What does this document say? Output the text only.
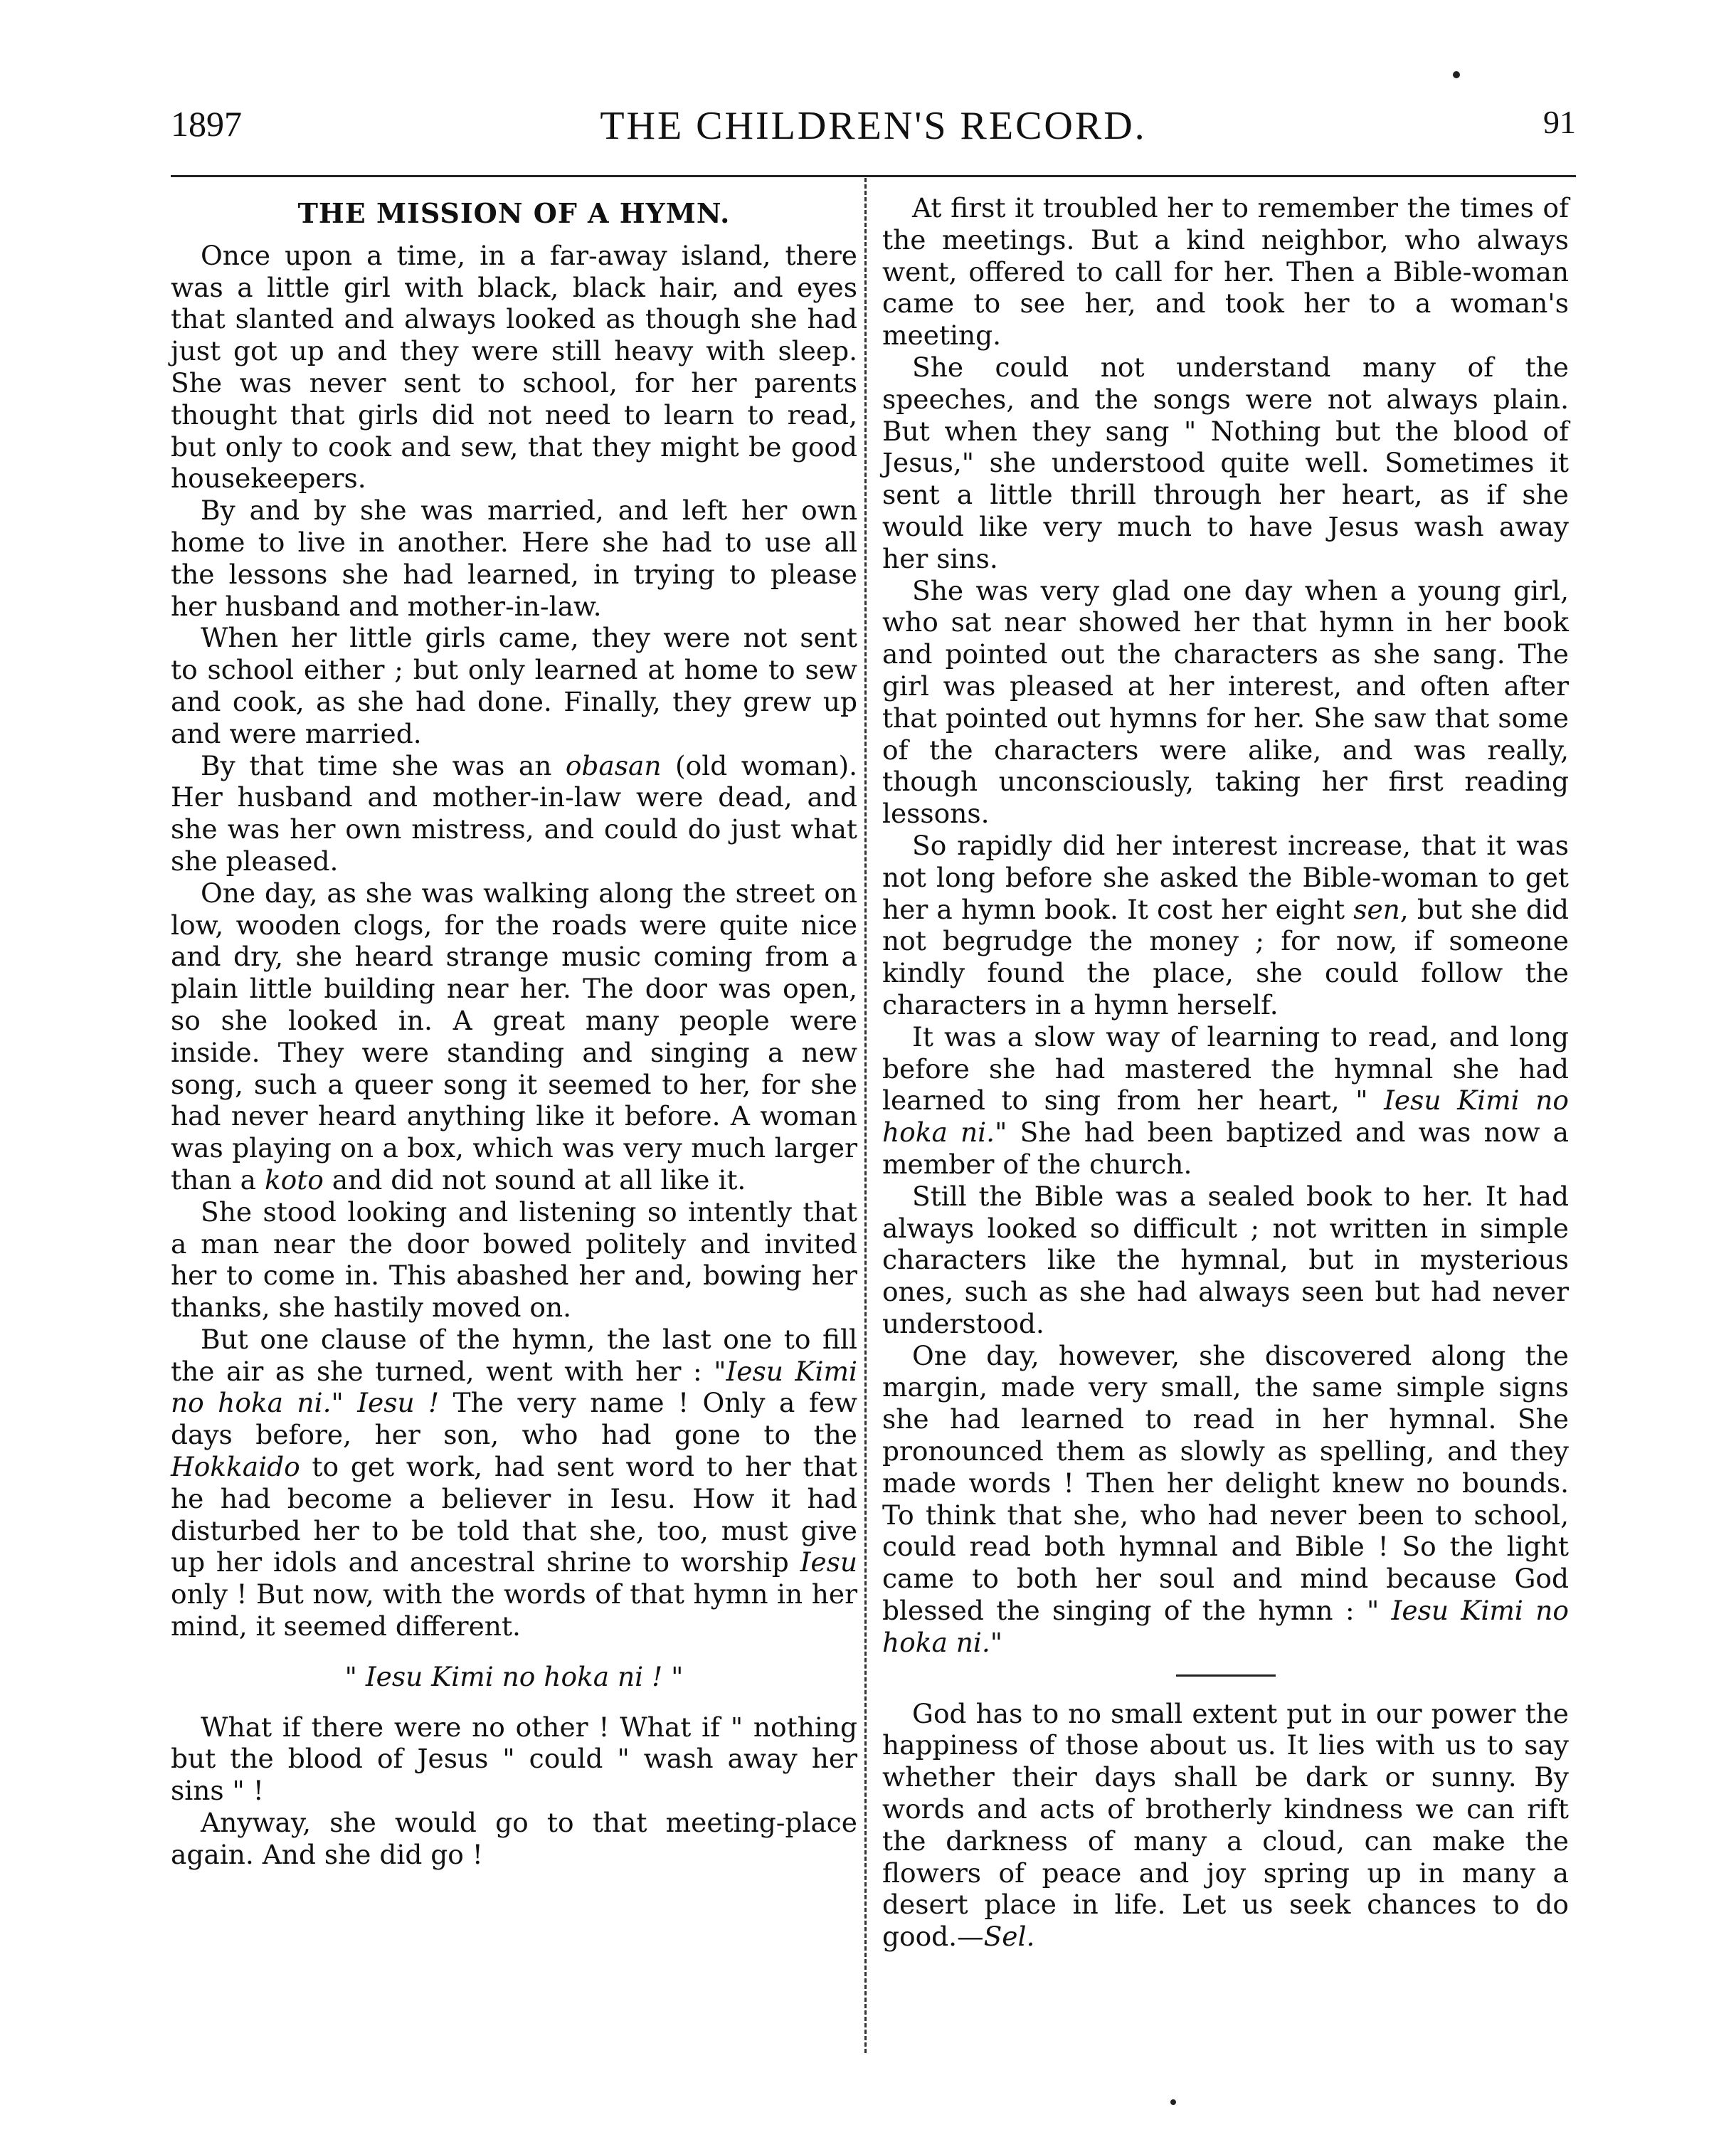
1897	THE CHILDREN'S RECORD.	91
THE MISSION OF A HYMN.

Once upon a time, in a far-away island, there was a little girl with black, black hair, and eyes that slanted and always looked as though she had just got up and they were still heavy with sleep. She was never sent to school, for her parents thought that girls did not need to learn to read, but only to cook and sew, that they might be good housekeepers.

By and by she was married, and left her own home to live in another. Here she had to use all the lessons she had learned, in trying to please her husband and mother-in-law.

When her little girls came, they were not sent to school either ; but only learned at home to sew and cook, as she had done. Finally, they grew up and were married.

By that time she was an obasan (old woman). Her husband and mother-in-law were dead, and she was her own mistress, and could do just what she pleased.

One day, as she was walking along the street on low, wooden clogs, for the roads were quite nice and dry, she heard strange music coming from a plain little building near her. The door was open, so she looked in. A great many people were inside. They were standing and singing a new song, such a queer song it seemed to her, for she had never heard anything like it before. A woman was playing on a box, which was very much larger than a koto and did not sound at all like it.

She stood looking and listening so intently that a man near the door bowed politely and invited her to come in. This abashed her and, bowing her thanks, she hastily moved on.

But one clause of the hymn, the last one to fill the air as she turned, went with her : "Iesu Kimi no hoka ni." Iesu ! The very name ! Only a few days before, her son, who had gone to the Hokkaido to get work, had sent word to her that he had become a believer in Iesu. How it had disturbed her to be told that she, too, must give up her idols and ancestral shrine to worship Iesu only ! But now, with the words of that hymn in her mind, it seemed different.

" Iesu Kimi no hoka ni ! "

What if there were no other ! What if " nothing but the blood of Jesus " could " wash away her sins " !

Anyway, she would go to that meeting-place again. And she did go !

At first it troubled her to remember the times of the meetings. But a kind neighbor, who always went, offered to call for her. Then a Bible-woman came to see her, and took her to a woman's meeting.

She could not understand many of the speeches, and the songs were not always plain. But when they sang " Nothing but the blood of Jesus," she understood quite well. Sometimes it sent a little thrill through her heart, as if she would like very much to have Jesus wash away her sins.

She was very glad one day when a young girl, who sat near showed her that hymn in her book and pointed out the characters as she sang. The girl was pleased at her interest, and often after that pointed out hymns for her. She saw that some of the characters were alike, and was really, though unconsciously, taking her first reading lessons.

So rapidly did her interest increase, that it was not long before she asked the Bible-woman to get her a hymn book. It cost her eight sen, but she did not begrudge the money ; for now, if someone kindly found the place, she could follow the characters in a hymn herself.

It was a slow way of learning to read, and long before she had mastered the hymnal she had learned to sing from her heart, " Iesu Kimi no hoka ni." She had been baptized and was now a member of the church.

Still the Bible was a sealed book to her. It had always looked so difficult ; not written in simple characters like the hymnal, but in mysterious ones, such as she had always seen but had never understood.

One day, however, she discovered along the margin, made very small, the same simple signs she had learned to read in her hymnal. She pronounced them as slowly as spelling, and they made words ! Then her delight knew no bounds. To think that she, who had never been to school, could read both hymnal and Bible ! So the light came to both her soul and mind because God blessed the singing of the hymn : " Iesu Kimi no hoka ni."

God has to no small extent put in our power the happiness of those about us. It lies with us to say whether their days shall be dark or sunny. By words and acts of brotherly kindness we can rift the darkness of many a cloud, can make the flowers of peace and joy spring up in many a desert place in life. Let us seek chances to do good.—Sel.
